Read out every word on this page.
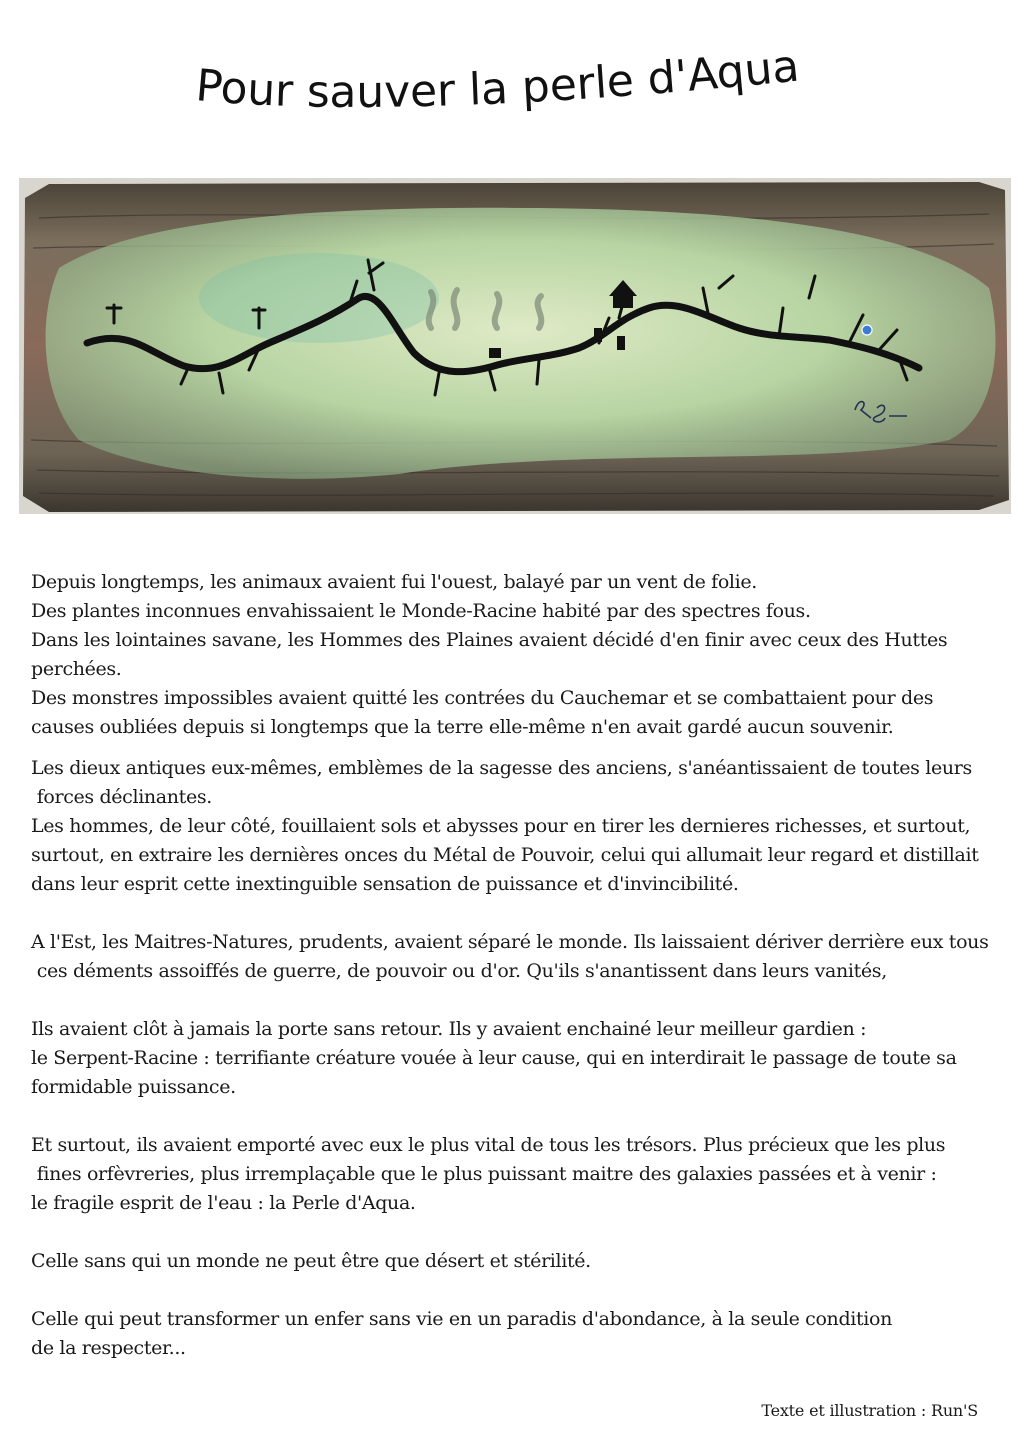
Pour sauver la perle d'Aqua

Depuis longtemps, les animaux avaient fui l'ouest, balayé par un vent de folie.
Des plantes inconnues envahissaient le Monde-Racine habité par des spectres fous.
Dans les lointaines savane, les Hommes des Plaines avaient décidé d'en finir avec ceux des Huttes
perchées.
Des monstres impossibles avaient quitté les contrées du Cauchemar et se combattaient pour des
causes oubliées depuis si longtemps que la terre elle-même n'en avait gardé aucun souvenir.

Les dieux antiques eux-mêmes, emblèmes de la sagesse des anciens, s'anéantissaient de toutes leurs
forces déclinantes.
Les hommes, de leur côté, fouillaient sols et abysses pour en tirer les dernieres richesses, et surtout,
surtout, en extraire les dernières onces du Métal de Pouvoir, celui qui allumait leur regard et distillait
dans leur esprit cette inextinguible sensation de puissance et d'invincibilité.

A l'Est, les Maitres-Natures, prudents, avaient séparé le monde. Ils laissaient dériver derrière eux tous
ces déments assoiffés de guerre, de pouvoir ou d'or. Qu'ils s'anantissent dans leurs vanités,

Ils avaient clôt à jamais la porte sans retour. Ils y avaient enchainé leur meilleur gardien :
le Serpent-Racine : terrifiante créature vouée à leur cause, qui en interdirait le passage de toute sa
formidable puissance.

Et surtout, ils avaient emporté avec eux le plus vital de tous les trésors. Plus précieux que les plus
fines orfèvreries, plus irremplaçable que le plus puissant maitre des galaxies passées et à venir :
le fragile esprit de l'eau : la Perle d'Aqua.

Celle sans qui un monde ne peut être que désert et stérilité.

Celle qui peut transformer un enfer sans vie en un paradis d'abondance, à la seule condition
de la respecter...

Texte et illustration : Run'S
